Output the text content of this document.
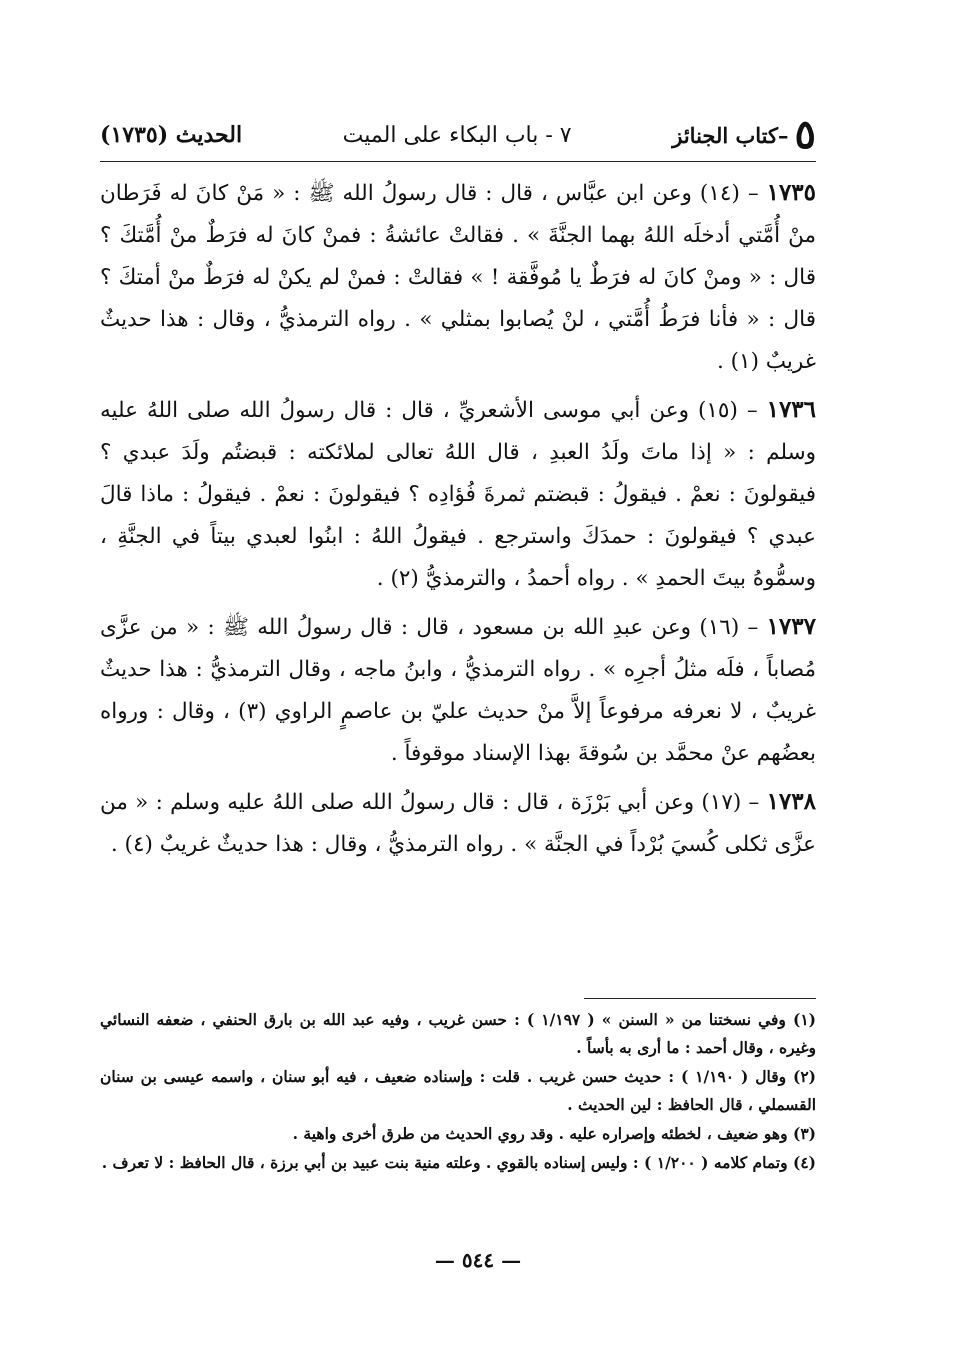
٥
–كتاب الجنائز
٧ - باب البكاء على الميت
الحديث (١٧٣٥)

١٧٣٥ – (١٤) وعن ابن عبَّاس ، قال : قال رسولُ الله ﷺ : « مَنْ كانَ له فَرَطان منْ أُمَّتي أدخلَه اللهُ بهما الجنَّةَ » . فقالتْ عائشةُ : فمنْ كانَ له فرَطٌ منْ أُمَّتكَ ؟ قال : « ومنْ كانَ له فرَطٌ يا مُوفَّقة ! » فقالتْ : فمنْ لم يكنْ له فرَطٌ منْ أمتكَ ؟ قال : « فأنا فرَطُ أُمَّتي ، لنْ يُصابوا بمثلي » . رواه الترمذيُّ ، وقال : هذا حديثٌ غريبٌ (١) .

١٧٣٦ – (١٥) وعن أبي موسى الأشعريِّ ، قال : قال رسولُ الله صلى اللهُ عليه وسلم : « إذا ماتَ ولَدُ العبدِ ، قال اللهُ تعالى لملائكته : قبضتُم ولَدَ عبدي ؟ فيقولونَ : نعمْ . فيقولُ : قبضتم ثمرةَ فُؤادِه ؟ فيقولونَ : نعمْ . فيقولُ : ماذا قالَ عبدي ؟ فيقولونَ : حمدَكَ واسترجع . فيقولُ اللهُ : ابنُوا لعبدي بيتاً في الجنَّةِ ، وسمُّوهُ بيتَ الحمدِ » . رواه أحمدُ ، والترمذيُّ (٢) .

١٧٣٧ – (١٦) وعن عبدِ الله بن مسعود ، قال : قال رسولُ الله ﷺ : « من عزَّى مُصاباً ، فلَه مثلُ أجرِه » . رواه الترمذيُّ ، وابنُ ماجه ، وقال الترمذيُّ : هذا حديثٌ غريبٌ ، لا نعرفه مرفوعاً إلاَّ منْ حديث عليّ بن عاصمٍ الراوي (٣) ، وقال : ورواه بعضُهم عنْ محمَّد بن سُوقةَ بهذا الإسناد موقوفاً .

١٧٣٨ – (١٧) وعن أبي بَرْزَة ، قال : قال رسولُ الله صلى اللهُ عليه وسلم : « من عزَّى ثكلى كُسيَ بُرْداً في الجنَّة » . رواه الترمذيُّ ، وقال : هذا حديثٌ غريبٌ (٤) .

(١) وفي نسختنا من « السنن » ( ١/١٩٧ ) : حسن غريب ، وفيه عبد الله بن بارق الحنفي ، ضعفه النسائي وغيره ، وقال أحمد : ما أرى به بأساً .

(٢) وقال ( ١/١٩٠ ) : حديث حسن غريب . قلت : وإسناده ضعيف ، فيه أبو سنان ، واسمه عيسى بن سنان القسملي ، قال الحافظ : لين الحديث .

(٣) وهو ضعيف ، لخطئه وإصراره عليه . وقد روي الحديث من طرق أخرى واهية .

(٤) وتمام كلامه ( ١/٢٠٠ ) : وليس إسناده بالقوي . وعلته منية بنت عبيد بن أبي برزة ، قال الحافظ : لا تعرف .

— ٥٤٤ —
